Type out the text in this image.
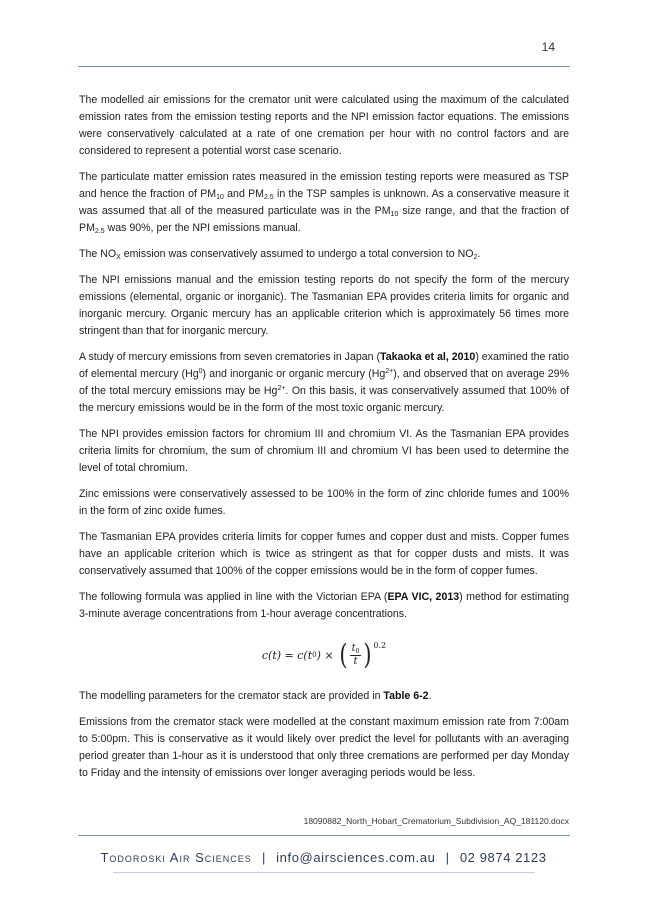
14

The modelled air emissions for the cremator unit were calculated using the maximum of the calculated emission rates from the emission testing reports and the NPI emission factor equations. The emissions were conservatively calculated at a rate of one cremation per hour with no control factors and are considered to represent a potential worst case scenario.

The particulate matter emission rates measured in the emission testing reports were measured as TSP and hence the fraction of $PM_{10}$ and $PM_{2.5}$ in the TSP samples is unknown. As a conservative measure it was assumed that all of the measured particulate was in the $PM_{10}$ size range, and that the fraction of $PM_{2.5}$ was 90%, per the NPI emissions manual.

The $NO_X$ emission was conservatively assumed to undergo a total conversion to $NO_2$.

The NPI emissions manual and the emission testing reports do not specify the form of the mercury emissions (elemental, organic or inorganic). The Tasmanian EPA provides criteria limits for organic and inorganic mercury. Organic mercury has an applicable criterion which is approximately 56 times more stringent than that for inorganic mercury.

A study of mercury emissions from seven crematories in Japan (Takaoka et al, 2010) examined the ratio of elemental mercury (Hg$^0$) and inorganic or organic mercury $(Hg^{2+})$, and observed that on average 29% of the total mercury emissions may be $Hg^{2+}$. On this basis, it was conservatively assumed that 100% of the mercury emissions would be in the form of the most toxic organic mercury.

The NPI provides emission factors for chromium III and chromium VI. As the Tasmanian EPA provides criteria limits for chromium, the sum of chromium III and chromium VI has been used to determine the level of total chromium.

Zinc emissions were conservatively assessed to be 100% in the form of zinc chloride fumes and 100% in the form of zinc oxide fumes.

The Tasmanian EPA provides criteria limits for copper fumes and copper dust and mists. Copper fumes have an applicable criterion which is twice as stringent as that for copper dusts and mists. It was conservatively assumed that 100% of the copper emissions would be in the form of copper fumes.

The following formula was applied in line with the Victorian EPA (EPA VIC, 2013) method for estimating 3-minute average concentrations from 1-hour average concentrations.

c(t) = c(t 0 ) × ( $\frac{t_0}{t}$ ) 0.2

The modelling parameters for the cremator stack are provided in Table 6-2.

Emissions from the cremator stack were modelled at the constant maximum emission rate from 7:00am to 5:00pm. This is conservative as it would likely over predict the level for pollutants with an averaging period greater than 1-hour as it is understood that only three cremations are performed per day Monday to Friday and the intensity of emissions over longer averaging periods would be less.

18090882_North_Hobart_Crematorium_Subdivision_AQ_181120.docx
Todoroski Air Sciences | info@airsciences.com.au | 02 9874 2123
